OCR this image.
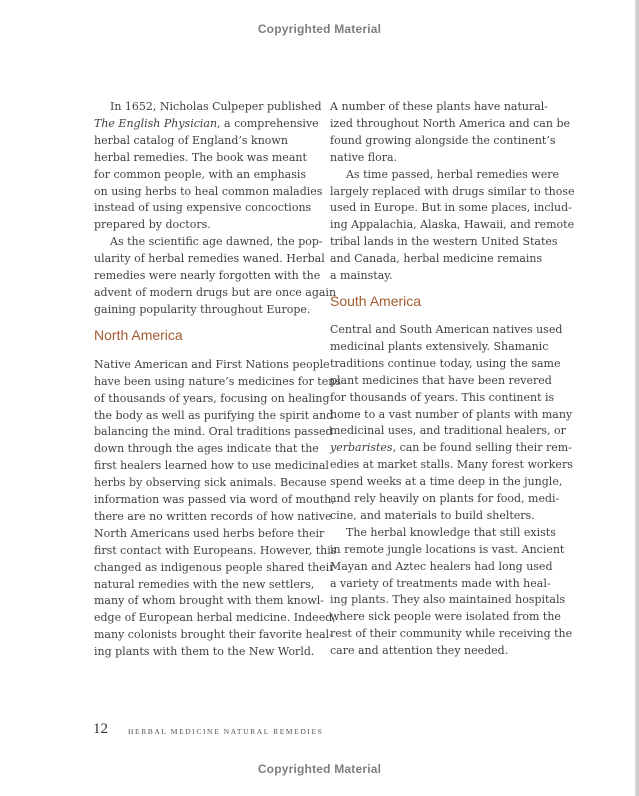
Copyrighted Material
In 1652, Nicholas Culpeper published
The English Physician, a comprehensive
herbal catalog of England’s known
herbal remedies. The book was meant
for common people, with an emphasis
on using herbs to heal common maladies
instead of using expensive concoctions
prepared by doctors.
As the scientific age dawned, the pop-
ularity of herbal remedies waned. Herbal
remedies were nearly forgotten with the
advent of modern drugs but are once again
gaining popularity throughout Europe.
North America
Native American and First Nations people
have been using nature’s medicines for tens
of thousands of years, focusing on healing
the body as well as purifying the spirit and
balancing the mind. Oral traditions passed
down through the ages indicate that the
first healers learned how to use medicinal
herbs by observing sick animals. Because
information was passed via word of mouth,
there are no written records of how native
North Americans used herbs before their
first contact with Europeans. However, this
changed as indigenous people shared their
natural remedies with the new settlers,
many of whom brought with them knowl-
edge of European herbal medicine. Indeed,
many colonists brought their favorite heal-
ing plants with them to the New World.
A number of these plants have natural-
ized throughout North America and can be
found growing alongside the continent’s
native flora.
As time passed, herbal remedies were
largely replaced with drugs similar to those
used in Europe. But in some places, includ-
ing Appalachia, Alaska, Hawaii, and remote
tribal lands in the western United States
and Canada, herbal medicine remains
a mainstay.
South America
Central and South American natives used
medicinal plants extensively. Shamanic
traditions continue today, using the same
plant medicines that have been revered
for thousands of years. This continent is
home to a vast number of plants with many
medicinal uses, and traditional healers, or
yerbaristes, can be found selling their rem-
edies at market stalls. Many forest workers
spend weeks at a time deep in the jungle,
and rely heavily on plants for food, medi-
cine, and materials to build shelters.
The herbal knowledge that still exists
in remote jungle locations is vast. Ancient
Mayan and Aztec healers had long used
a variety of treatments made with heal-
ing plants. They also maintained hospitals
where sick people were isolated from the
rest of their community while receiving the
care and attention they needed.
12	HERBAL MEDICINE NATURAL REMEDIES
Copyrighted Material
